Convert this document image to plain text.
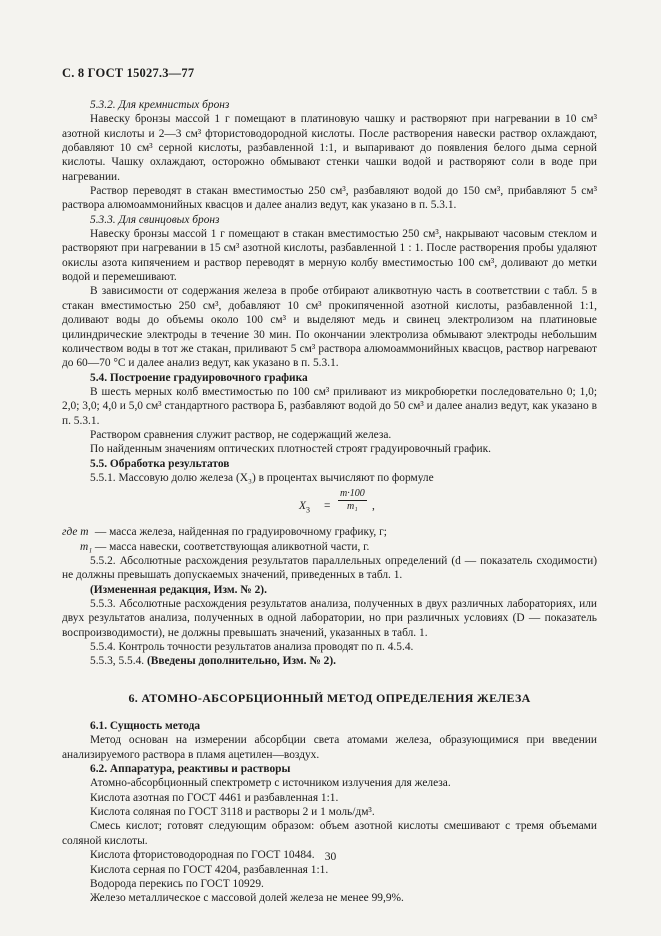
С. 8 ГОСТ 15027.3—77

5.3.2. Для кремнистых бронз

Навеску бронзы массой 1 г помещают в платиновую чашку и растворяют при нагревании в 10 см³ азотной кислоты и 2—3 см³ фтористоводородной кислоты. После растворения навески раствор охлаждают, добавляют 10 см³ серной кислоты, разбавленной 1:1, и выпаривают до появления белого дыма серной кислоты. Чашку охлаждают, осторожно обмывают стенки чашки водой и растворяют соли в воде при нагревании.

Раствор переводят в стакан вместимостью 250 см³, разбавляют водой до 150 см³, прибавляют 5 см³ раствора алюмоаммонийных квасцов и далее анализ ведут, как указано в п. 5.3.1.

5.3.3. Для свинцовых бронз

Навеску бронзы массой 1 г помещают в стакан вместимостью 250 см³, накрывают часовым стеклом и растворяют при нагревании в 15 см³ азотной кислоты, разбавленной 1 : 1. После растворения пробы удаляют окислы азота кипячением и раствор переводят в мерную колбу вместимостью 100 см³, доливают до метки водой и перемешивают.

В зависимости от содержания железа в пробе отбирают аликвотную часть в соответствии с табл. 5 в стакан вместимостью 250 см³, добавляют 10 см³ прокипяченной азотной кислоты, разбавленной 1:1, доливают воды до объемы около 100 см³ и выделяют медь и свинец электролизом на платиновые цилиндрические электроды в течение 30 мин. По окончании электролиза обмывают электроды небольшим количеством воды в тот же стакан, приливают 5 см³ раствора алюмоаммонийных квасцов, раствор нагревают до 60—70 °С и далее анализ ведут, как указано в п. 5.3.1.

5.4. Построение градуировочного графика

В шесть мерных колб вместимостью по 100 см³ приливают из микробюретки последовательно 0; 1,0; 2,0; 3,0; 4,0 и 5,0 см³ стандартного раствора Б, разбавляют водой до 50 см³ и далее анализ ведут, как указано в п. 5.3.1.

Раствором сравнения служит раствор, не содержащий железа.

По найденным значениям оптических плотностей строят градуировочный график.

5.5. Обработка результатов

5.5.1. Массовую долю железа (X₃) в процентах вычисляют по формуле

$X_3 = \frac{m\cdot 100}{\text{m₁}}$ ,

где m — масса железа, найденная по градуировочному графику, г;

m₁ — масса навески, соответствующая аликвотной части, г.

5.5.2. Абсолютные расхождения результатов параллельных определений (d — показатель сходимости) не должны превышать допускаемых значений, приведенных в табл. 1.

(Измененная редакция, Изм. № 2).

5.5.3. Абсолютные расхождения результатов анализа, полученных в двух различных лабораториях, или двух результатов анализа, полученных в одной лаборатории, но при различных условиях (D — показатель воспроизводимости), не должны превышать значений, указанных в табл. 1.

5.5.4. Контроль точности результатов анализа проводят по п. 4.5.4.

5.5.3, 5.5.4. (Введены дополнительно, Изм. № 2).

6. АТОМНО-АБСОРБЦИОННЫЙ МЕТОД ОПРЕДЕЛЕНИЯ ЖЕЛЕЗА

6.1. Сущность метода

Метод основан на измерении абсорбции света атомами железа, образующимися при введении анализируемого раствора в пламя ацетилен—воздух.

6.2. Аппаратура, реактивы и растворы

Атомно-абсорбционный спектрометр с источником излучения для железа.

Кислота азотная по ГОСТ 4461 и разбавленная 1:1.

Кислота соляная по ГОСТ 3118 и растворы 2 и 1 моль/дм³.

Смесь кислот; готовят следующим образом: объем азотной кислоты смешивают с тремя объемами соляной кислоты.

Кислота фтористоводородная по ГОСТ 10484.

Кислота серная по ГОСТ 4204, разбавленная 1:1.

Водорода перекись по ГОСТ 10929.

Железо металлическое с массовой долей железа не менее 99,9%.

30
